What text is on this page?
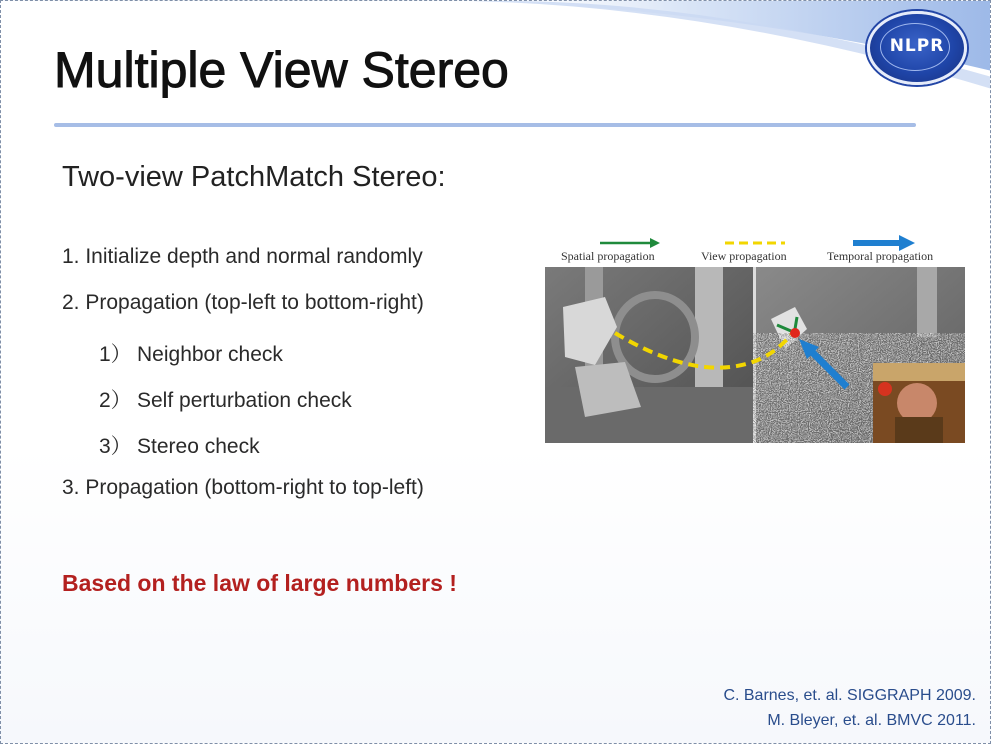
NLPR
Multiple View Stereo
Two-view PatchMatch Stereo:
1. Initialize depth and normal randomly
2. Propagation (top-left to bottom-right)
1） Neighbor check
2） Self perturbation check
3） Stereo check
3. Propagation (bottom-right to top-left)
Based on the law of large numbers !
C. Barnes, et. al. SIGGRAPH 2009.
M. Bleyer, et. al. BMVC 2011.
Spatial propagation	View propagation	Temporal propagation
